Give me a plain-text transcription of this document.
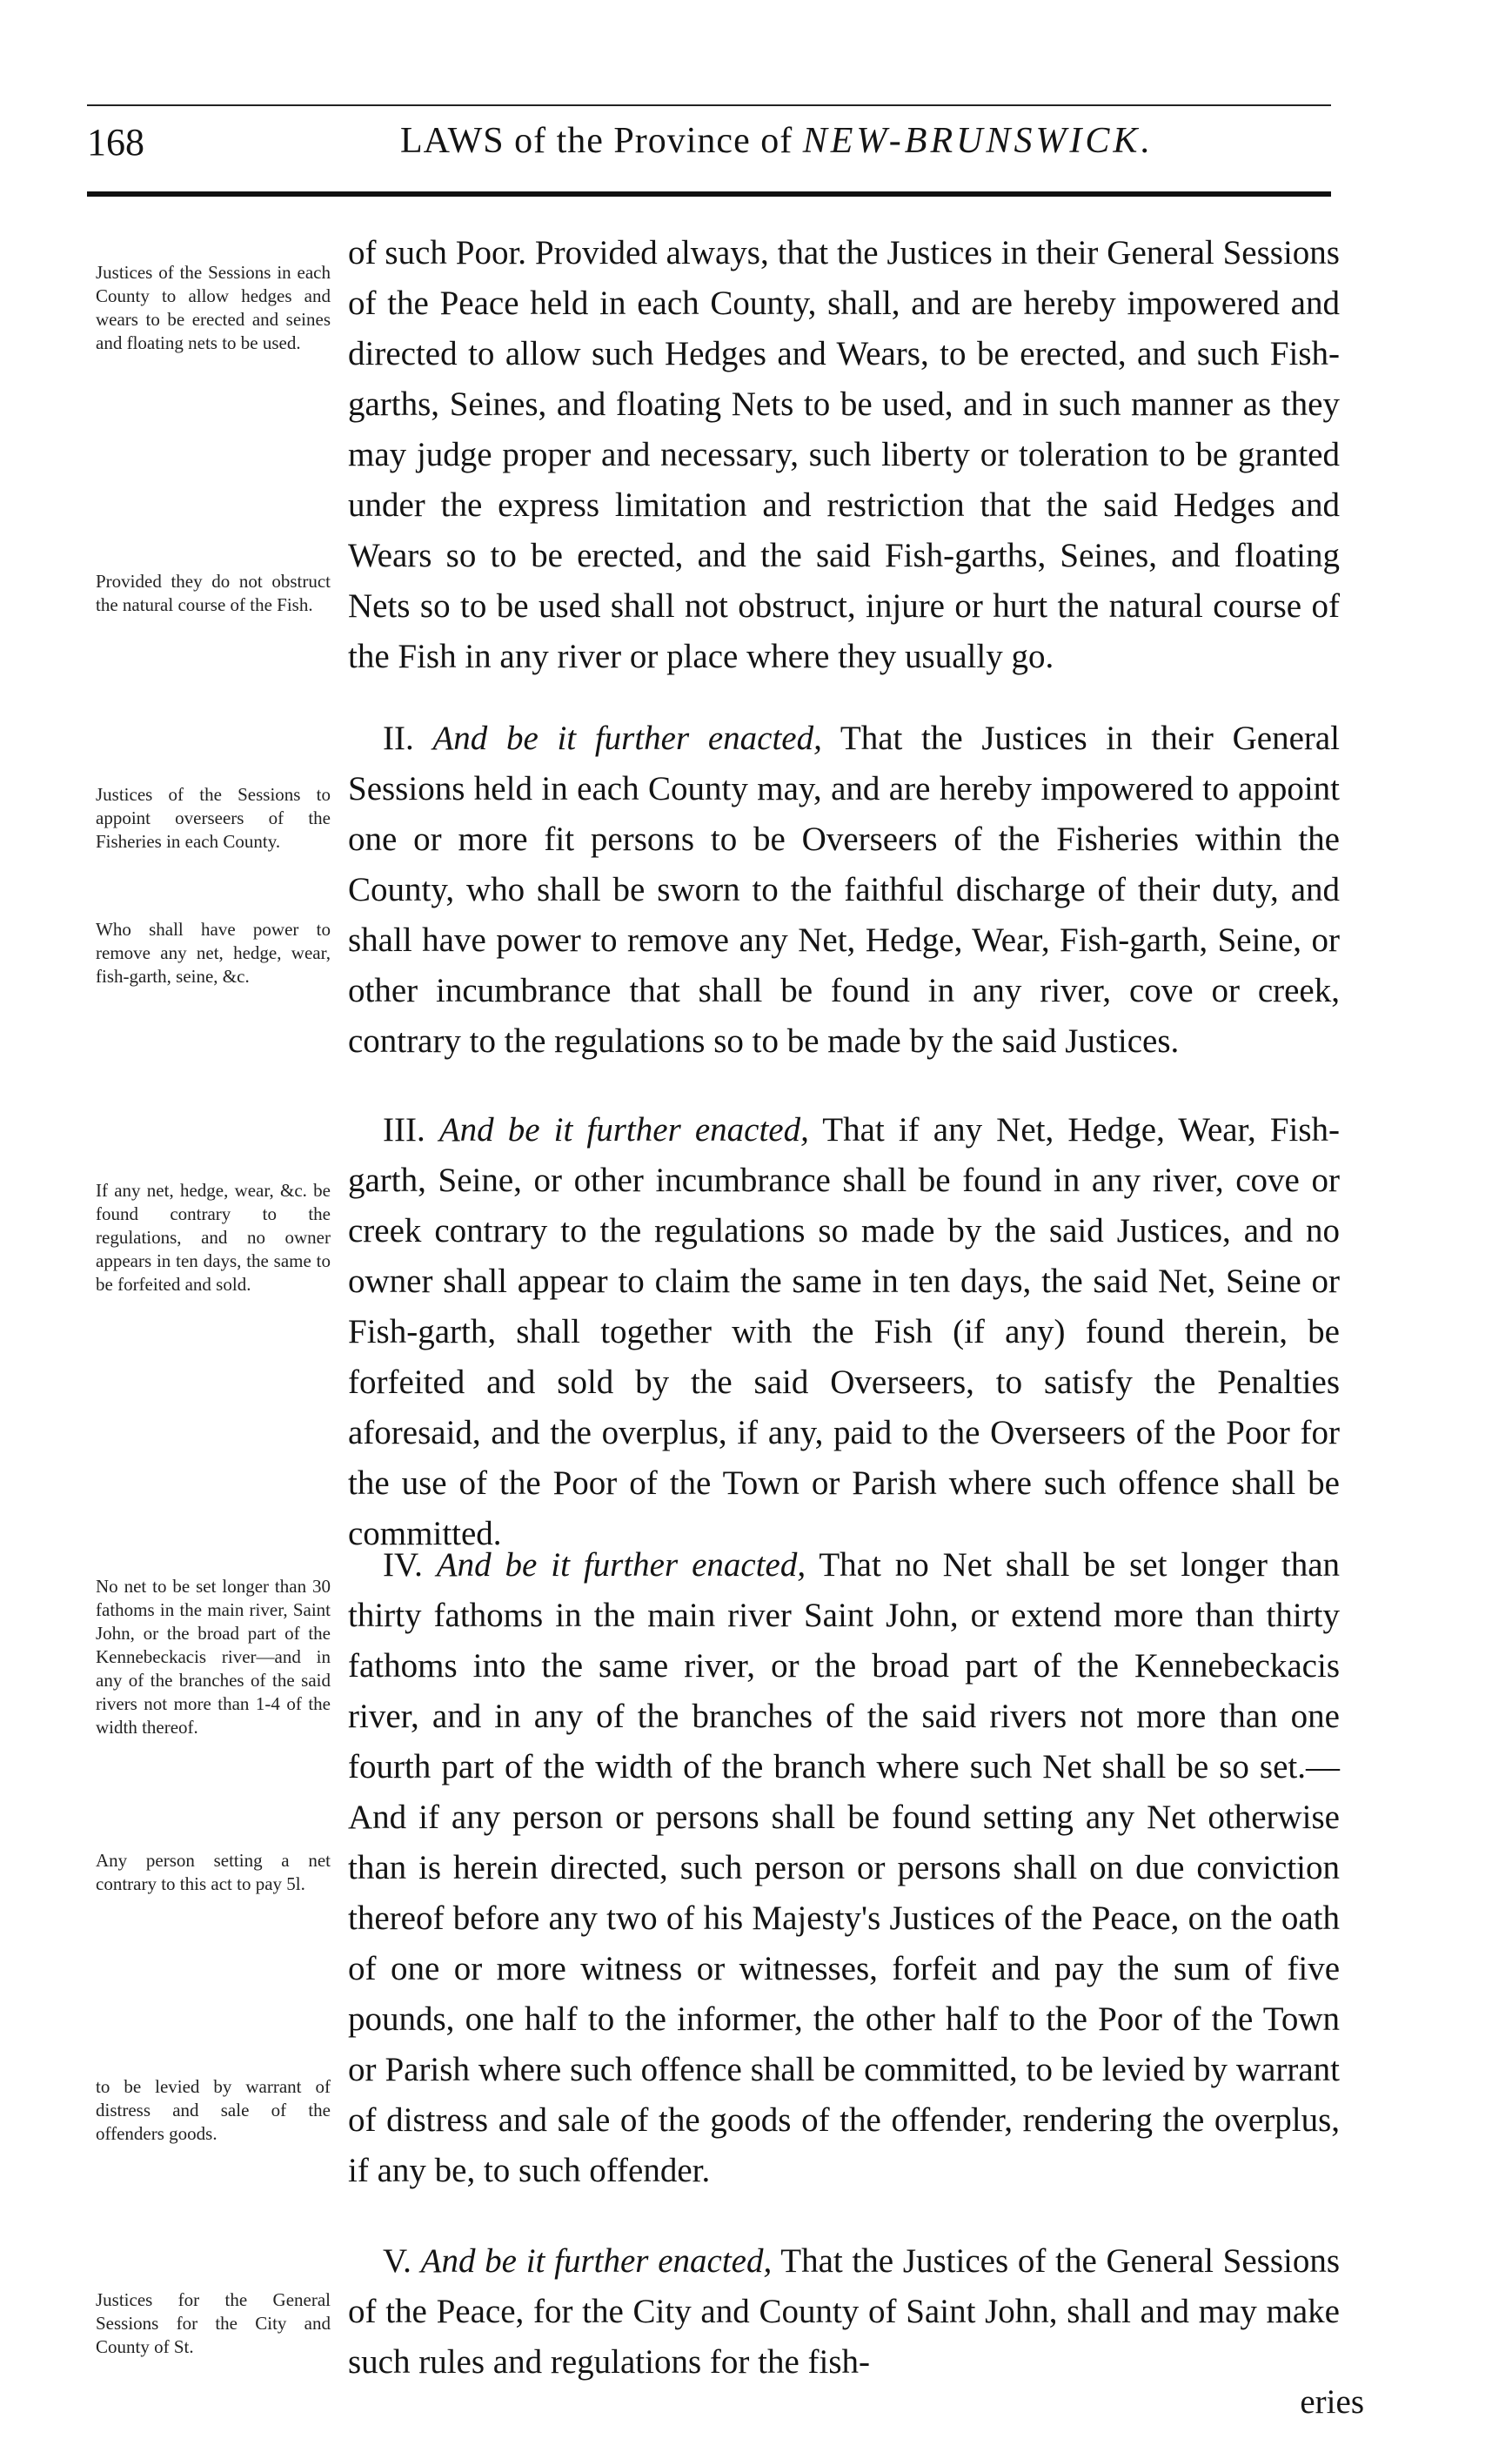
168	LAWS of the Province of NEW-BRUNSWICK.
of such Poor. Provided always, that the Justices in their General Sessions of the Peace held in each County, shall, and are hereby impowered and directed to allow such Hedges and Wears, to be erected, and such Fish-garths, Seines, and floating Nets to be used, and in such manner as they may judge proper and necessary, such liberty or toleration to be granted under the express limitation and restriction that the said Hedges and Wears so to be erected, and the said Fish-garths, Seines, and floating Nets so to be used shall not obstruct, injure or hurt the natural course of the Fish in any river or place where they usually go.
II. And be it further enacted, That the Justices in their General Sessions held in each County may, and are hereby impowered to appoint one or more fit persons to be Overseers of the Fisheries within the County, who shall be sworn to the faithful discharge of their duty, and shall have power to remove any Net, Hedge, Wear, Fish-garth, Seine, or other incumbrance that shall be found in any river, cove or creek, contrary to the regulations so to be made by the said Justices.
III. And be it further enacted, That if any Net, Hedge, Wear, Fish-garth, Seine, or other incumbrance shall be found in any river, cove or creek contrary to the regulations so made by the said Justices, and no owner shall appear to claim the same in ten days, the said Net, Seine or Fish-garth, shall together with the Fish (if any) found therein, be forfeited and sold by the said Overseers, to satisfy the Penalties aforesaid, and the overplus, if any, paid to the Overseers of the Poor for the use of the Poor of the Town or Parish where such offence shall be committed.
IV. And be it further enacted, That no Net shall be set longer than thirty fathoms in the main river Saint John, or extend more than thirty fathoms into the same river, or the broad part of the Kennebeckacis river, and in any of the branches of the said rivers not more than one fourth part of the width of the branch where such Net shall be so set.—And if any person or persons shall be found setting any Net otherwise than is herein directed, such person or persons shall on due conviction thereof before any two of his Majesty's Justices of the Peace, on the oath of one or more witness or witnesses, forfeit and pay the sum of five pounds, one half to the informer, the other half to the Poor of the Town or Parish where such offence shall be committed, to be levied by warrant of distress and sale of the goods of the offender, rendering the overplus, if any be, to such offender.
V. And be it further enacted, That the Justices of the General Sessions of the Peace, for the City and County of Saint John, shall and may make such rules and regulations for the fish-
Justices of the Sessions in each County to allow hedges and wears to be erected and seines and floating nets to be used.
Provided they do not obstruct the natural course of the Fish.
Justices of the Sessions to appoint overseers of the Fisheries in each County.
Who shall have power to remove any net, hedge, wear, fish-garth, seine, &c.
If any net, hedge, wear, &c. be found contrary to the regulations, and no owner appears in ten days, the same to be forfeited and sold.
No net to be set longer than 30 fathoms in the main river, Saint John, or the broad part of the Kennebeckacis river—and in any of the branches of the said rivers not more than 1-4 of the width thereof.
Any person setting a net contrary to this act to pay 5l.
to be levied by warrant of distress and sale of the offenders goods.
Justices for the General Sessions for the City and County of St.
eries
